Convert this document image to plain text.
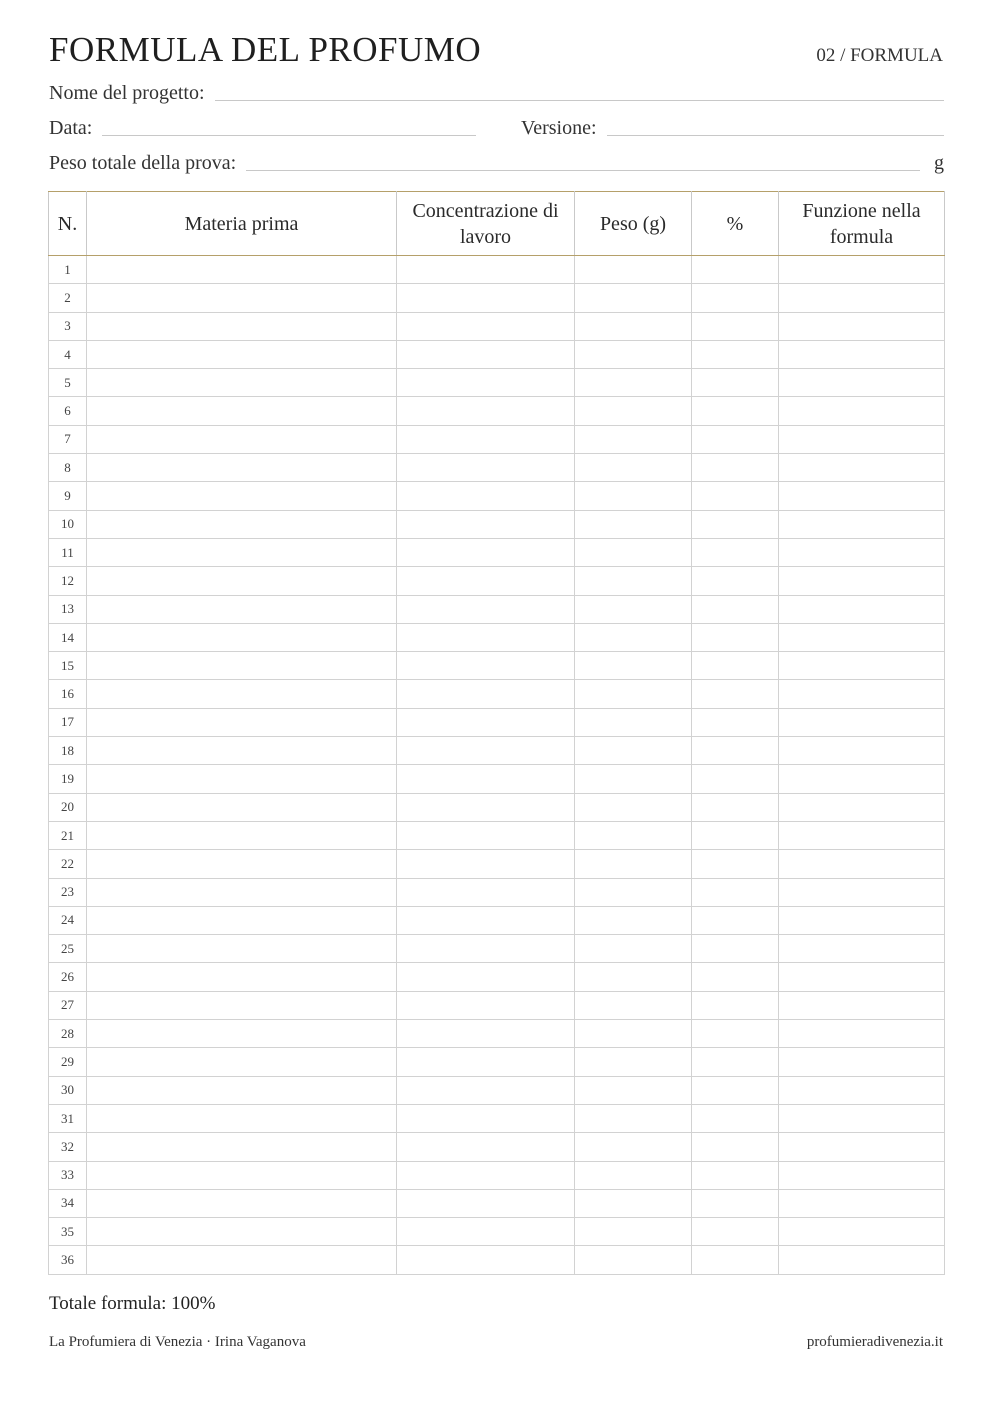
FORMULA DEL PROFUMO	02 / FORMULA
Nome del progetto:
Data:	Versione:
Peso totale della prova:	g
N.	Materia prima	Concentrazione di lavoro	Peso (g)	%	Funzione nella formula
1					
2					
3					
4					
5					
6					
7					
8					
9					
10					
11					
12					
13					
14					
15					
16					
17					
18					
19					
20					
21					
22					
23					
24					
25					
26					
27					
28					
29					
30					
31					
32					
33					
34					
35					
36					
Totale formula: 100%
La Profumiera di Venezia · Irina Vaganova	profumieradivenezia.it
